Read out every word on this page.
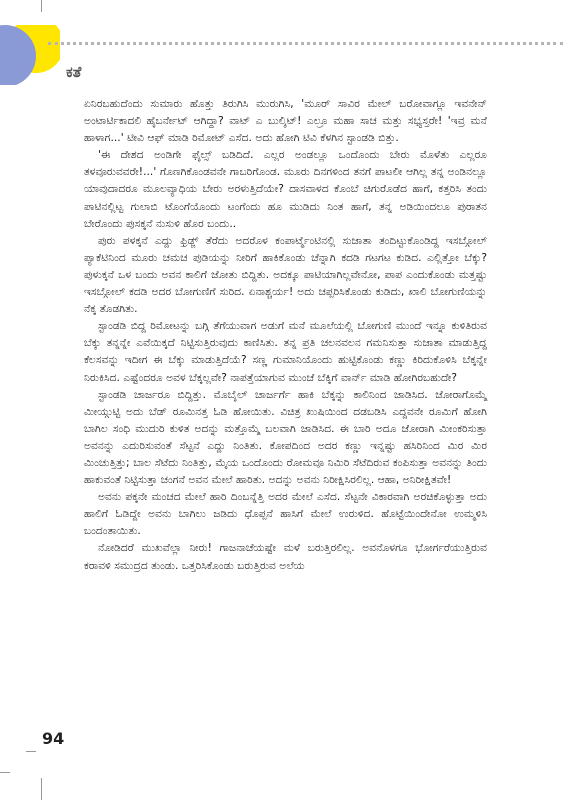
ಕತೆ

ಏನಿರಬಹುದೆಂದು ಸುಮಾರು ಹೊತ್ತು ತಿರುಗಿಸಿ ಮುರುಗಿಸಿ, 'ಮೂರ್ ಸಾವಿರ ಮೇಲ್ ಬರೋವಾಗ್ಲೂ ಇವನೇನ್ ಅಂಟಾರ್ಟಿಕಾದಲಿ ಹೈಬರ್ನೇಟ್ ಆಗಿದ್ದಾ? ವಾಟ್ ಎ ಬುಲ್ಶಿಟ್! ಎಲ್ರೂ ಮಹಾ ಸಾಚ ಮತ್ತು ಸಭ್ಯಸ್ತರೇ! 'ಇವ್ರ ಮನೆ ಹಾಳಾಗ...' ಟೀವಿ ಆಫ್ ಮಾಡಿ ರಿಮೋಟ್ ಎಸೆದ. ಅದು ಹೋಗಿ ಟಿವಿ ಕೆಳಗಿನ ಸ್ಟಾಂಡಡಿ ಬಿತ್ತು.

'ಈ ದೇಶದ ಅಂಡಿಗೇ ಫೈಲ್ಸ್ ಬಡಿದಿದೆ. ಎಲ್ಲರ ಅಂಡಲ್ಲೂ ಒಂದೊಂದು ಬೇರು ಮೊಳೆತು ಎಲ್ಲರೂ ತಳವೂರುವವರೇ!...' ಗೊಣಗಿಕೊಂಡವನೇ ಗಾಬರಿಗೊಂಡ. ಮೂರು ದಿನಗಳಿಂದ ತನಗೆ ಪಾಟಲೀ ಆಗಿಲ್ಲ ತನ್ನ ಅಂಡಿನಲ್ಲೂ ಯಾವುದಾದರೂ ಮೂಲವ್ಯಾಧಿಯ ಬೇರು ಅರಳುತ್ತಿದೆಯೇ? ದಾಸವಾಳದ ಕೊಂಬೆ ಚಿಗುರೊಡೆದ ಹಾಗೆ, ಕತ್ತರಿಸಿ ತಂದು ಪಾಟಿನಲ್ಲಿಟ್ಟ ಗುಲಾಬಿ ಟೊಂಗೆಯೊಂದು ಟಂಗೆಂದು ಹೂ ಮುಡಿದು ನಿಂತ ಹಾಗೆ, ತನ್ನ ಅಡಿಯಿಂದಲೂ ಪುರಾತನ ಬೇರೊಂದು ಪುಸಕ್ಕನೆ ನುಸುಳಿ ಹೊರ ಬಂದು..

ಪುರು ಪಳಕ್ಕನೆ ಎದ್ದು ಫ್ರಿಡ್ಜ್ ತೆರೆದು ಅದರೊಳ ಕಂಪಾರ್ಟ್ಮೆಂಟಿನಲ್ಲಿ ಸುಜಾತಾ ತಂದಿಟ್ಟುಕೊಂಡಿದ್ದ ಇಸಬ್ಗೋಲ್ ಪ್ಯಾಕೆಟಿನಿಂದ ಮೂರು ಚಮಚ ಪುಡಿಯನ್ನು ನೀರಿಗೆ ಹಾಕಿಕೊಂಡು ಚೆನ್ನಾಗಿ ಕದಡಿ ಗಟಗಟ ಕುಡಿದ. ಎಲ್ಲಿತ್ತೋ ಬೆಕ್ಕು? ಪುಳುಕ್ಕನೆ ಒಳ ಬಂದು ಅವನ ಕಾಲಿಗೆ ಜೋತು ಬಿದ್ದಿತು. ಅದಕ್ಕೂ ಪಾಟಿಯಾಗಿಲ್ಲವೇನೋ, ಪಾಪ ಎಂದುಕೊಂಡು ಮತ್ತಷ್ಟು ಇಸಬ್ಗೋಲ್ ಕದಡಿ ಅದರ ಬೋಗುಣಿಗೆ ಸುರಿದ. ಏನಾಶ್ಚರ್ಯ! ಅದು ಚಪ್ಪರಿಸಿಕೊಂಡು ಕುಡಿದು, ಖಾಲಿ ಬೋಗುಣಿಯನ್ನು ನೆಕ್ಕ ತೊಡಗಿತು.

ಸ್ಟಾಂಡಡಿ ಬಿದ್ದ ರಿಮೋಟನ್ನು ಬಗ್ಗಿ ತೆಗೆಯುವಾಗ ಅಡುಗೆ ಮನೆ ಮೂಲೆಯಲ್ಲಿ ಬೋಗುಣಿ ಮುಂದೆ ಇನ್ನೂ ಕುಳಿತಿರುವ ಬೆಕ್ಕು ತನ್ನನ್ನೇ ಎವೆಯಿಕ್ಕದೆ ನಿಟ್ಟಿಸುತ್ತಿರುವುದು ಕಾಣಿಸಿತು. ತನ್ನ ಪ್ರತಿ ಚಲನವಲನ ಗಮನಿಸುತ್ತಾ ಸುಜಾತಾ ಮಾಡುತ್ತಿದ್ದ ಕೆಲಸವನ್ನು ಇದೀಗ ಈ ಬೆಕ್ಕು ಮಾಡುತ್ತಿದೆಯೆ? ಸಣ್ಣ ಗುಮಾನಿಯೊಂದು ಹುಟ್ಟಿಕೊಂಡು ಕಣ್ಣು ಕಿರಿದುಕೊಳಿಸಿ ಬೆಕ್ಕನ್ನೇ ನಿರುಕಿಸಿದ. ಎಷ್ಟೆಂದರೂ ಅವಳ ಬೆಕ್ಕಲ್ಲವೇ? ನಾಪತ್ತೆಯಾಗುವ ಮುಂಚೆ ಬೆಕ್ಕಿಗೆ ವಾರ್ನ್ ಮಾಡಿ ಹೋಗಿರಬಹುದೇ?

ಸ್ಟಾಂಡಡಿ ಚಾರ್ಜರೂ ಬಿದ್ದಿತ್ತು. ಮೊಬೈಲ್ ಚಾರ್ಜರ್ಗೆ ಹಾಕಿ ಬೆಕ್ಕನ್ನು ಕಾಲಿನಿಂದ ಜಾಡಿಸಿದ. ಜೋರಾಗೊಮ್ಮೆ ಮೀಯ್ಗುಟ್ಟಿ ಅದು ಬೆಡ್ ರೂಮಿನತ್ತ ಓಡಿ ಹೋಯಿತು. ವಿಚಿತ್ರ ಖುಷಿಯಿಂದ ದಡಬಡಿಸಿ ಎದ್ದವನೇ ರೂಮಿಗೆ ಹೋಗಿ ಬಾಗಿಲ ಸಂಧಿ ಮುದುರಿ ಕುಳಿತ ಅದನ್ನು ಮತ್ತೊಮ್ಮೆ ಬಲವಾಗಿ ಜಾಡಿಸಿದ. ಈ ಬಾರಿ ಅದೂ ಜೋರಾಗಿ ಮೀಂಕರಿಸುತ್ತಾ ಅವನನ್ನು ಎದುರಿಸುವಂತೆ ಸೆಟ್ಟನೆ ಎದ್ದು ನಿಂತಿತು. ಕೋಪದಿಂದ ಅದರ ಕಣ್ಣು ಇನ್ನಷ್ಟು ಹಸಿರಿನಿಂದ ಮಿರ ಮಿರ ಮಿಂಚುತ್ತಿತ್ತು; ಬಾಲ ಸೆಟೆದು ನಿಂತಿತ್ತು, ಮೈಯ ಒಂದೊಂದು ರೋಮವೂ ನಿಮಿರಿ ಸೆಟೆದಿರುವ ಕಂಪಿಸುತ್ತಾ ಅವನನ್ನು ತಿಂದು ಹಾಕುವಂತೆ ನಿಟ್ಟಿಸುತ್ತಾ ಚಂಗನೆ ಅವನ ಮೇಲೆ ಹಾರಿತು. ಅದನ್ನು ಅವನು ನಿರೀಕ್ಷಿಸಿರಲಿಲ್ಲ. ಆಹಾ, ಅನಿರೀಕ್ಷಿತವೇ!

ಅವನು ಪಕ್ಕನೇ ಮಂಚದ ಮೇಲೆ ಹಾರಿ ದಿಂಬನ್ನೆತ್ತಿ ಅದರ ಮೇಲೆ ಎಸೆದ. ಸೆಟ್ಟನೇ ವಿಕಾರವಾಗಿ ಅರಚಿಕೊಳ್ಳುತ್ತಾ ಅದು ಹಾಲಿಗೆ ಓಡಿದ್ದೇ ಅವನು ಬಾಗಿಲು ಜಡಿದು ಧೊಪ್ಪನೆ ಹಾಸಿಗೆ ಮೇಲೆ ಉರುಳಿದ. ಹೊಟ್ಟೆಯಿಂದೇನೋ ಉಮ್ಮಳಿಸಿ ಬಂದಂತಾಯಿತು.

ನೋಡಿದರೆ ಮುಖವೆಲ್ಲಾ ನೀರು! ಗಾಜನಾಚೆಯಷ್ಟೇ ಮಳೆ ಬರುತ್ತಿರಲಿಲ್ಲ. ಅವನೊಳಗೂ ಭೋರ್ಗರೆಯುತ್ತಿರುವ ಕರಾವಳಿ ಸಮುದ್ರದ ತುಂಡು. ಒತ್ತರಿಸಿಕೊಂಡು ಬರುತ್ತಿರುವ ಅಲೆಯ

94
